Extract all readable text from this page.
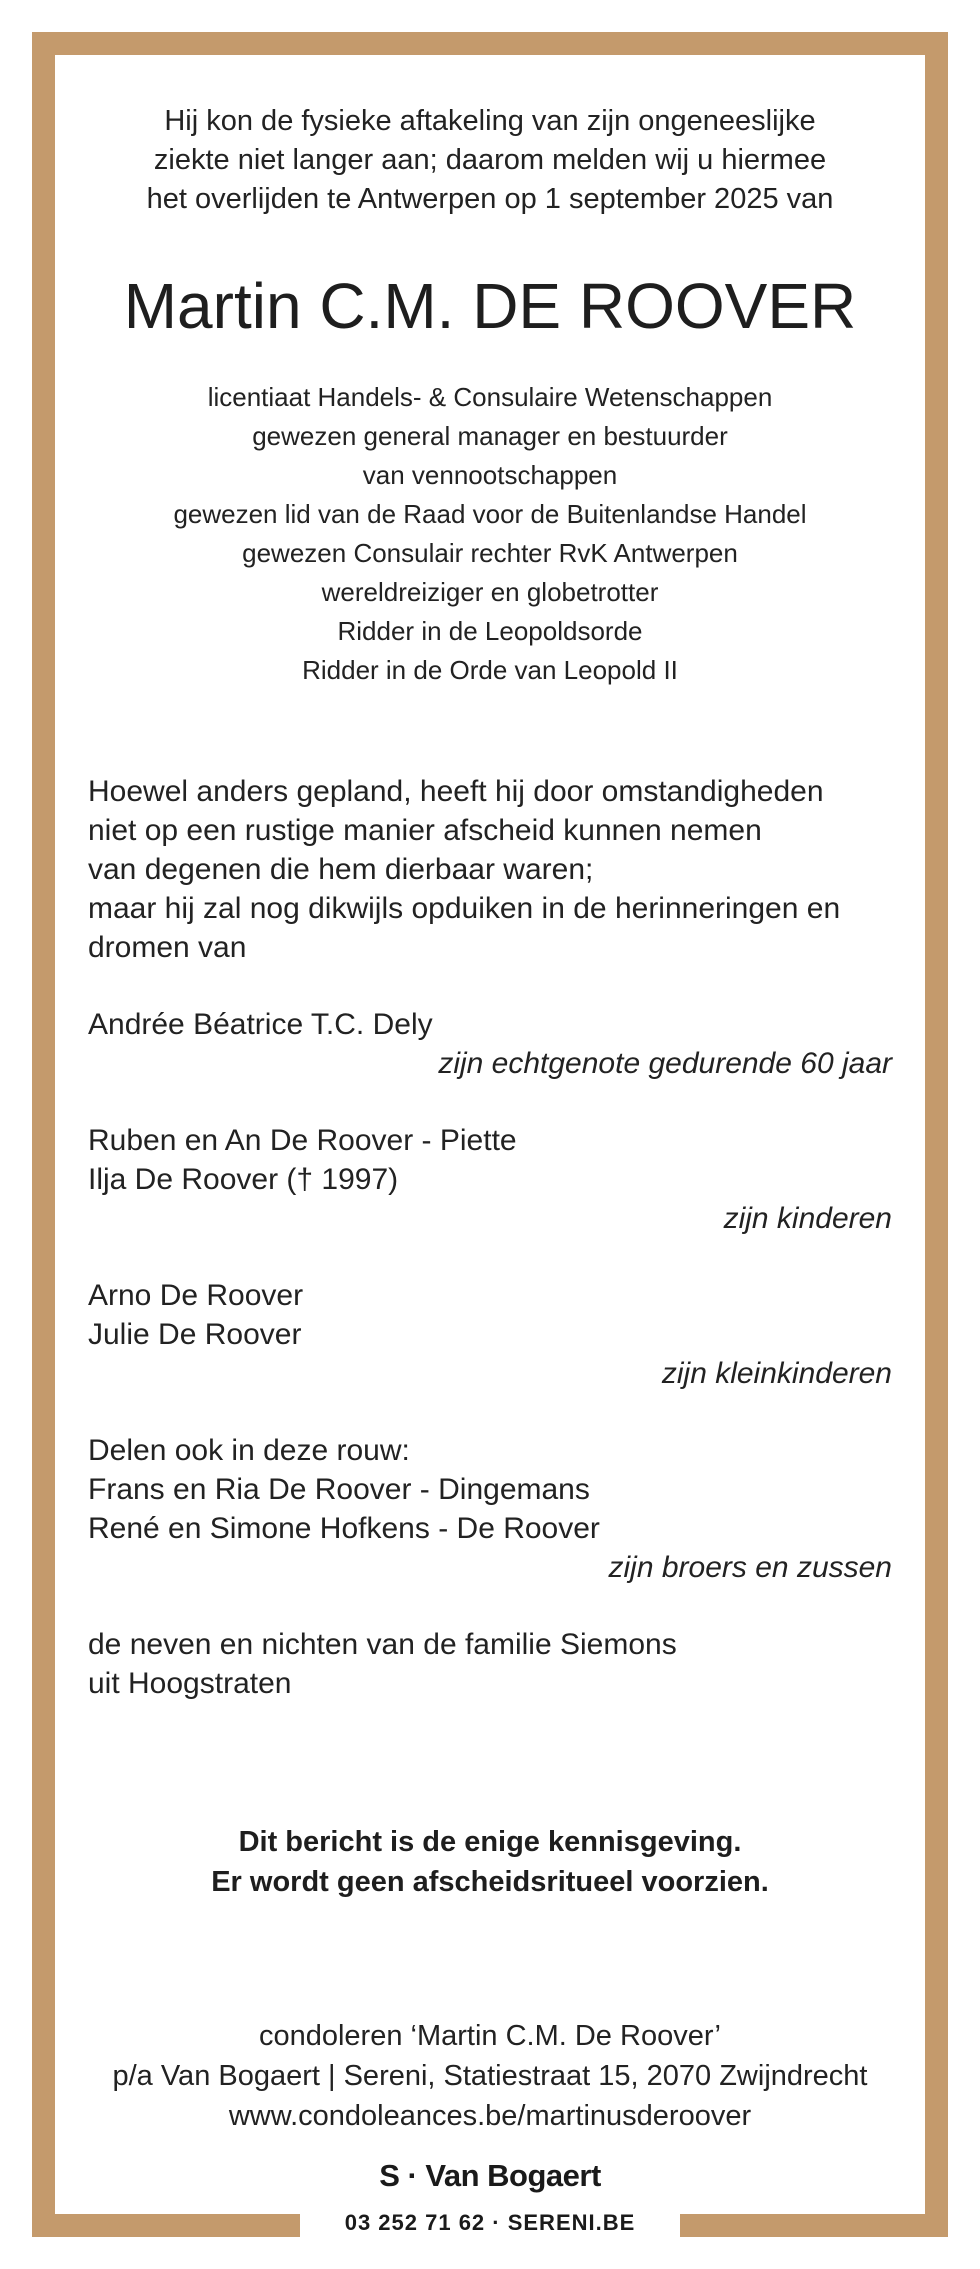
Hij kon de fysieke aftakeling van zijn ongeneeslijke
ziekte niet langer aan; daarom melden wij u hiermee
het overlijden te Antwerpen op 1 september 2025 van
Martin C.M. DE ROOVER
licentiaat Handels- & Consulaire Wetenschappen
gewezen general manager en bestuurder
van vennootschappen
gewezen lid van de Raad voor de Buitenlandse Handel
gewezen Consulair rechter RvK Antwerpen
wereldreiziger en globetrotter
Ridder in de Leopoldsorde
Ridder in de Orde van Leopold II
Hoewel anders gepland, heeft hij door omstandigheden
niet op een rustige manier afscheid kunnen nemen
van degenen die hem dierbaar waren;
maar hij zal nog dikwijls opduiken in de herinneringen en
dromen van
Andrée Béatrice T.C. Dely
zijn echtgenote gedurende 60 jaar
Ruben en An De Roover - Piette
Ilja De Roover († 1997)
zijn kinderen
Arno De Roover
Julie De Roover
zijn kleinkinderen
Delen ook in deze rouw:
Frans en Ria De Roover - Dingemans
René en Simone Hofkens - De Roover
zijn broers en zussen
de neven en nichten van de familie Siemons
uit Hoogstraten
Dit bericht is de enige kennisgeving.
Er wordt geen afscheidsritueel voorzien.
condoleren ‘Martin C.M. De Roover’
p/a Van Bogaert | Sereni, Statiestraat 15, 2070 Zwijndrecht
www.condoleances.be/martinusderoover
S · Van Bogaert
03 252 71 62 · SERENI.BE
